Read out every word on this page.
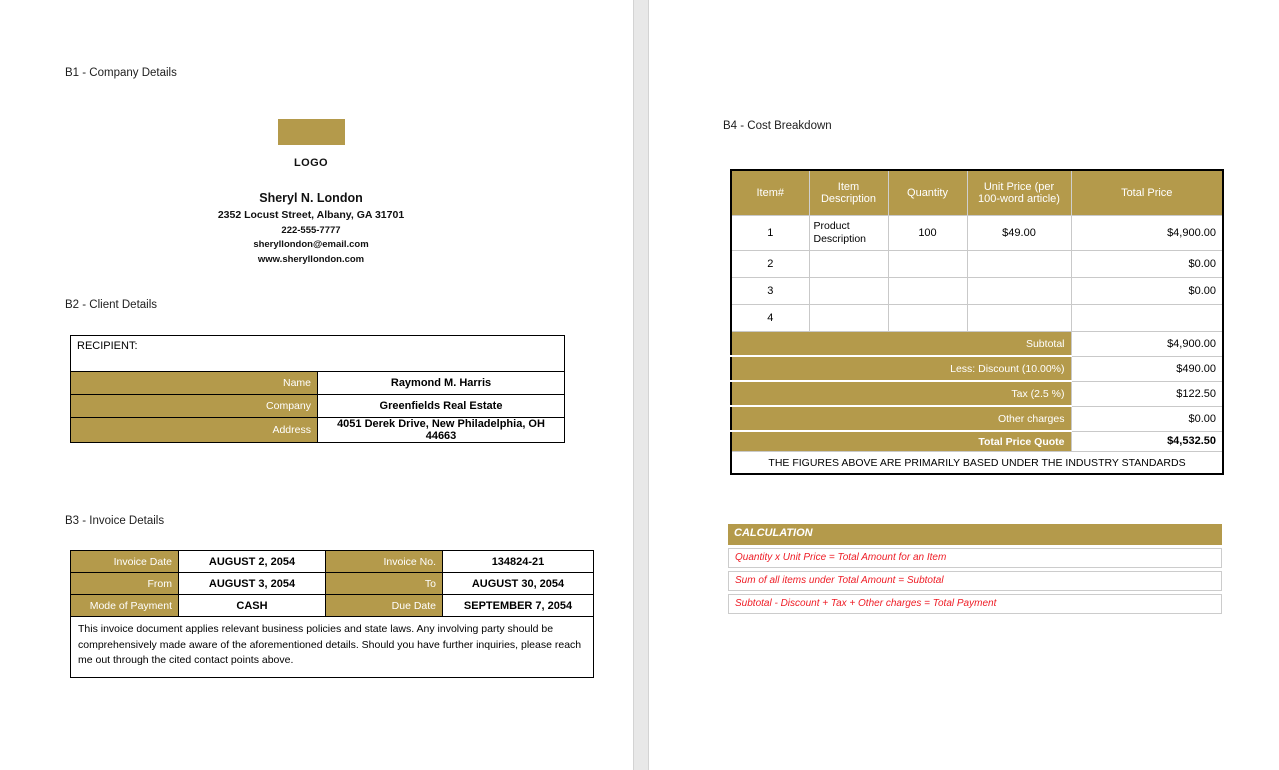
B1 - Company Details
LOGO
Sheryl N. London
2352 Locust Street, Albany, GA 31701
222-555-7777
sheryllondon@email.com
www.sheryllondon.com
B2 - Client Details
RECIPIENT:	
Name	Raymond M. Harris
Company	Greenfields Real Estate
Address	4051 Derek Drive, New Philadelphia, OH 44663
B3 - Invoice Details
Invoice Date	AUGUST 2, 2054	Invoice No.	134824-21
From	AUGUST 3, 2054	To	AUGUST 30, 2054
Mode of Payment	CASH	Due Date	SEPTEMBER 7, 2054
This invoice document applies relevant business policies and state laws. Any involving party should be comprehensively made aware of the aforementioned details. Should you have further inquiries, please reach me out through the cited contact points above.			
B4 - Cost Breakdown
Item#	Item Description	Quantity	Unit Price (per 100-word article)	Total Price
1	Product Description	100	$49.00	$4,900.00
2				$0.00
3				$0.00
4				
Subtotal				$4,900.00
Less: Discount (10.00%)				$490.00
Tax (2.5 %)				$122.50
Other charges				$0.00
Total Price Quote				$4,532.50
THE FIGURES ABOVE ARE PRIMARILY BASED UNDER THE INDUSTRY STANDARDS				
CALCULATION
Quantity x Unit Price = Total Amount for an Item
Sum of all items under Total Amount = Subtotal
Subtotal - Discount + Tax + Other charges = Total Payment
